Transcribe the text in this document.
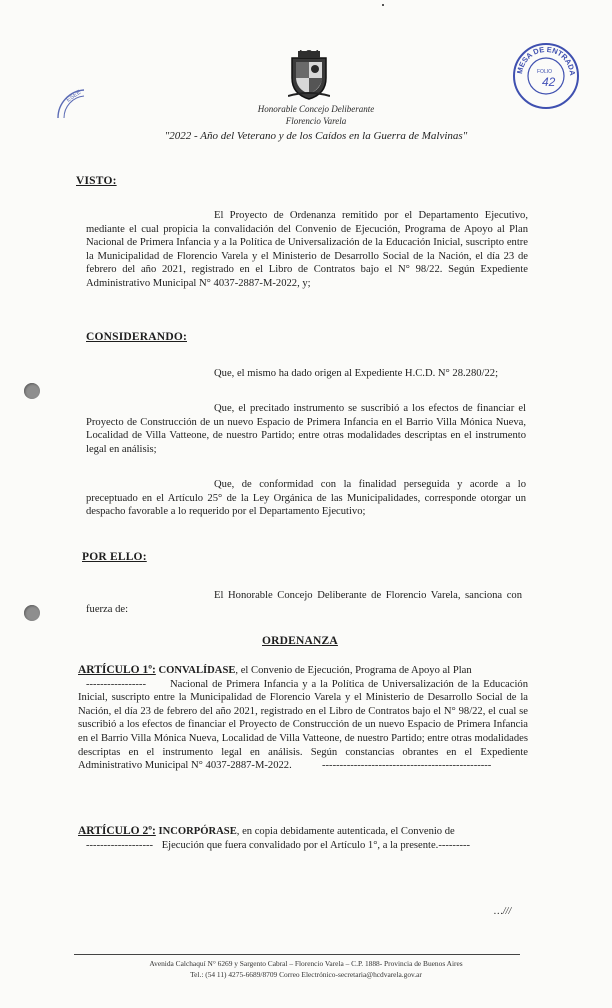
Honorable Concejo Deliberante
Florencio Varela
"2022 - Año del Veterano y de los Caídos en la Guerra de Malvinas"
ESEE
MESA DE ENTRADA
FOLIO
42
VISTO:
El Proyecto de Ordenanza remitido por el Departamento Ejecutivo, mediante el cual propicia la convalidación del Convenio de Ejecución, Programa de Apoyo al Plan Nacional de Primera Infancia y a la Política de Universalización de la Educación Inicial, suscripto entre la Municipalidad de Florencio Varela y el Ministerio de Desarrollo Social de la Nación, el día 23 de febrero del año 2021, registrado en el Libro de Contratos bajo el N° 98/22. Según Expediente Administrativo Municipal N° 4037-2887-M-2022, y;
CONSIDERANDO:
Que, el mismo ha dado origen al Expediente H.C.D. N° 28.280/22;
Que, el precitado instrumento se suscribió a los efectos de financiar el Proyecto de Construcción de un nuevo Espacio de Primera Infancia en el Barrio Villa Mónica Nueva, Localidad de Villa Vatteone, de nuestro Partido; entre otras modalidades descriptas en el instrumento legal en análisis;
Que, de conformidad con la finalidad perseguida y acorde a lo preceptuado en el Artículo 25° de la Ley Orgánica de las Municipalidades, corresponde otorgar un despacho favorable a lo requerido por el Departamento Ejecutivo;
POR ELLO:
El Honorable Concejo Deliberante de Florencio Varela, sanciona con fuerza de:
ORDENANZA
ARTÍCULO 1º: CONVALÍDASE, el Convenio de Ejecución, Programa de Apoyo al Plan
-----------------	Nacional de Primera Infancia y a la Política de Universalización de la Educación Inicial, suscripto entre la Municipalidad de Florencio Varela y el Ministerio de Desarrollo Social de la Nación, el día 23 de febrero del año 2021, registrado en el Libro de Contratos bajo el N° 98/22, el cual se suscribió a los efectos de financiar el Proyecto de Construcción de un nuevo Espacio de Primera Infancia en el Barrio Villa Mónica Nueva, Localidad de Villa Vatteone, de nuestro Partido; entre otras modalidades descriptas en el instrumento legal en análisis. Según constancias obrantes en el Expediente Administrativo Municipal N° 4037-2887-M-2022.	------------------------------------------------
ARTÍCULO 2º: INCORPÓRASE, en copia debidamente autenticada, el Convenio de
------------------- Ejecución que fuera convalidado por el Artículo 1°, a la presente.---------
…///
Avenida Calchaquí N° 6269 y Sargento Cabral – Florencio Varela – C.P. 1888- Provincia de Buenos Aires
Tel.: (54 11) 4275-6689/8709 Correo Electrónico-secretaria@hcdvarela.gov.ar
